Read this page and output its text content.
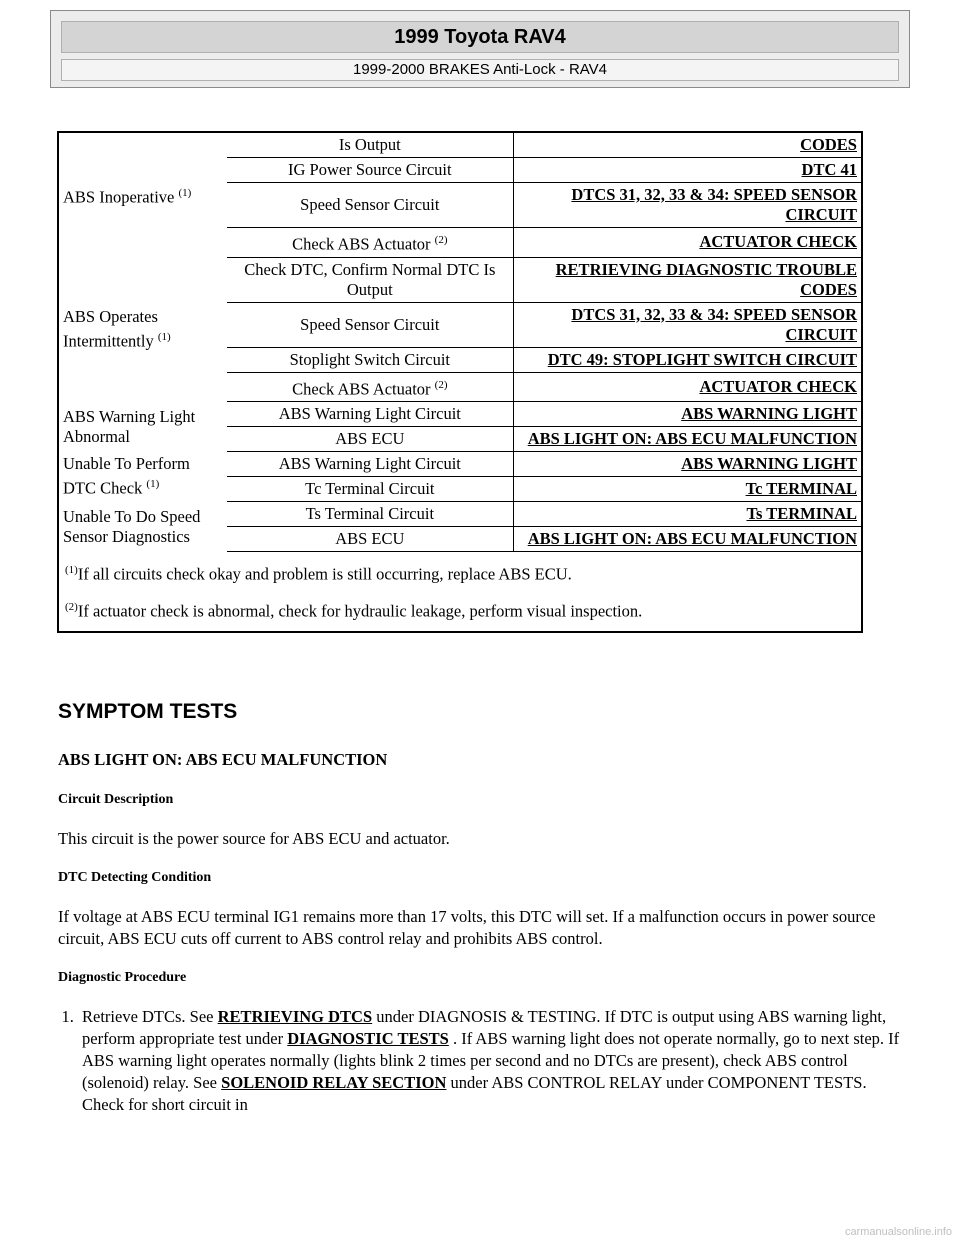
1999 Toyota RAV4
1999-2000 BRAKES Anti-Lock - RAV4
ABS Inoperative $^{(1)}$	Is Output	CODES
	IG Power Source Circuit	DTC 41
	Speed Sensor Circuit	DTCS 31, 32, 33 & 34: SPEED SENSOR CIRCUIT
	Check ABS Actuator $^{(2)}$	ACTUATOR CHECK
ABS Operates Intermittently $^{(1)}$	Check DTC, Confirm Normal DTC Is Output	RETRIEVING DIAGNOSTIC TROUBLE CODES
	Speed Sensor Circuit	DTCS 31, 32, 33 & 34: SPEED SENSOR CIRCUIT
	Stoplight Switch Circuit	DTC 49: STOPLIGHT SWITCH CIRCUIT
	Check ABS Actuator $^{(2)}$	ACTUATOR CHECK
ABS Warning Light Abnormal	ABS Warning Light Circuit	ABS WARNING LIGHT
	ABS ECU	ABS LIGHT ON: ABS ECU MALFUNCTION
Unable To Perform DTC Check $^{(1)}$	ABS Warning Light Circuit	ABS WARNING LIGHT
	Tc Terminal Circuit	Tc TERMINAL
Unable To Do Speed Sensor Diagnostics	Ts Terminal Circuit	Ts TERMINAL
	ABS ECU	ABS LIGHT ON: ABS ECU MALFUNCTION

$^{(1)}$If all circuits check okay and problem is still occurring, replace ABS ECU.

$^{(2)}$If actuator check is abnormal, check for hydraulic leakage, perform visual inspection.		

SYMPTOM TESTS
ABS LIGHT ON: ABS ECU MALFUNCTION
Circuit Description

This circuit is the power source for ABS ECU and actuator.

DTC Detecting Condition

If voltage at ABS ECU terminal IG1 remains more than 17 volts, this DTC will set. If a malfunction occurs in power source circuit, ABS ECU cuts off current to ABS control relay and prohibits ABS control.

Diagnostic Procedure
1. Retrieve DTCs. See RETRIEVING DTCS under DIAGNOSIS & TESTING. If DTC is output using ABS warning light, perform appropriate test under DIAGNOSTIC TESTS . If ABS warning light does not operate normally, go to next step. If ABS warning light operates normally (lights blink 2 times per second and no DTCs are present), check ABS control (solenoid) relay. See SOLENOID RELAY SECTION under ABS CONTROL RELAY under COMPONENT TESTS. Check for short circuit in
carmanualsonline.info
